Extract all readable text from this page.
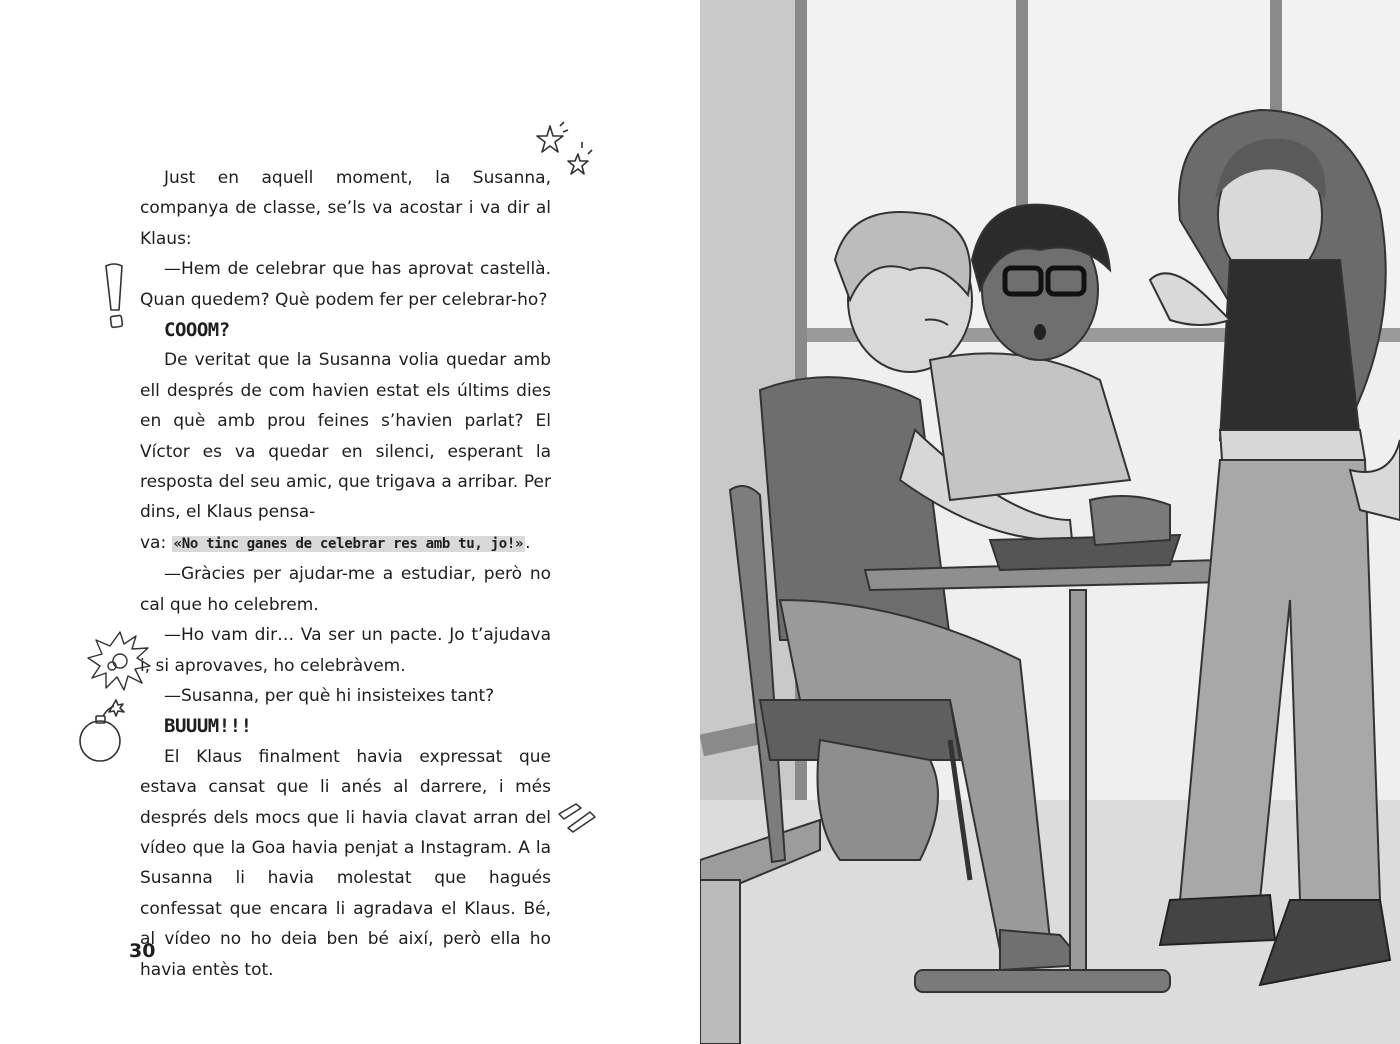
Just en aquell moment, la Susanna, companya de classe, se’ls va acostar i va dir al Klaus:

—Hem de celebrar que has aprovat castellà. Quan quedem? Què podem fer per celebrar-ho?

COOOM?

De veritat que la Susanna volia quedar amb ell després de com havien estat els últims dies en què amb prou feines s’havien parlat? El Víctor es va quedar en silenci, esperant la resposta del seu amic, que trigava a arribar. Per dins, el Klaus pensa-

va: «No tinc ganes de celebrar res amb tu, jo!» .

—Gràcies per ajudar-me a estudiar, però no cal que ho celebrem.

—Ho vam dir… Va ser un pacte. Jo t’ajudava i, si aprovaves, ho celebràvem.

—Susanna, per què hi insisteixes tant?

BUUUM!!!

El Klaus finalment havia expressat que estava cansat que li anés al darrere, i més després dels mocs que li havia clavat arran del vídeo que la Goa havia penjat a Instagram. A la Susanna li havia molestat que hagués confessat que encara li agradava el Klaus. Bé, al vídeo no ho deia ben bé així, però ella ho havia entès tot.

30
